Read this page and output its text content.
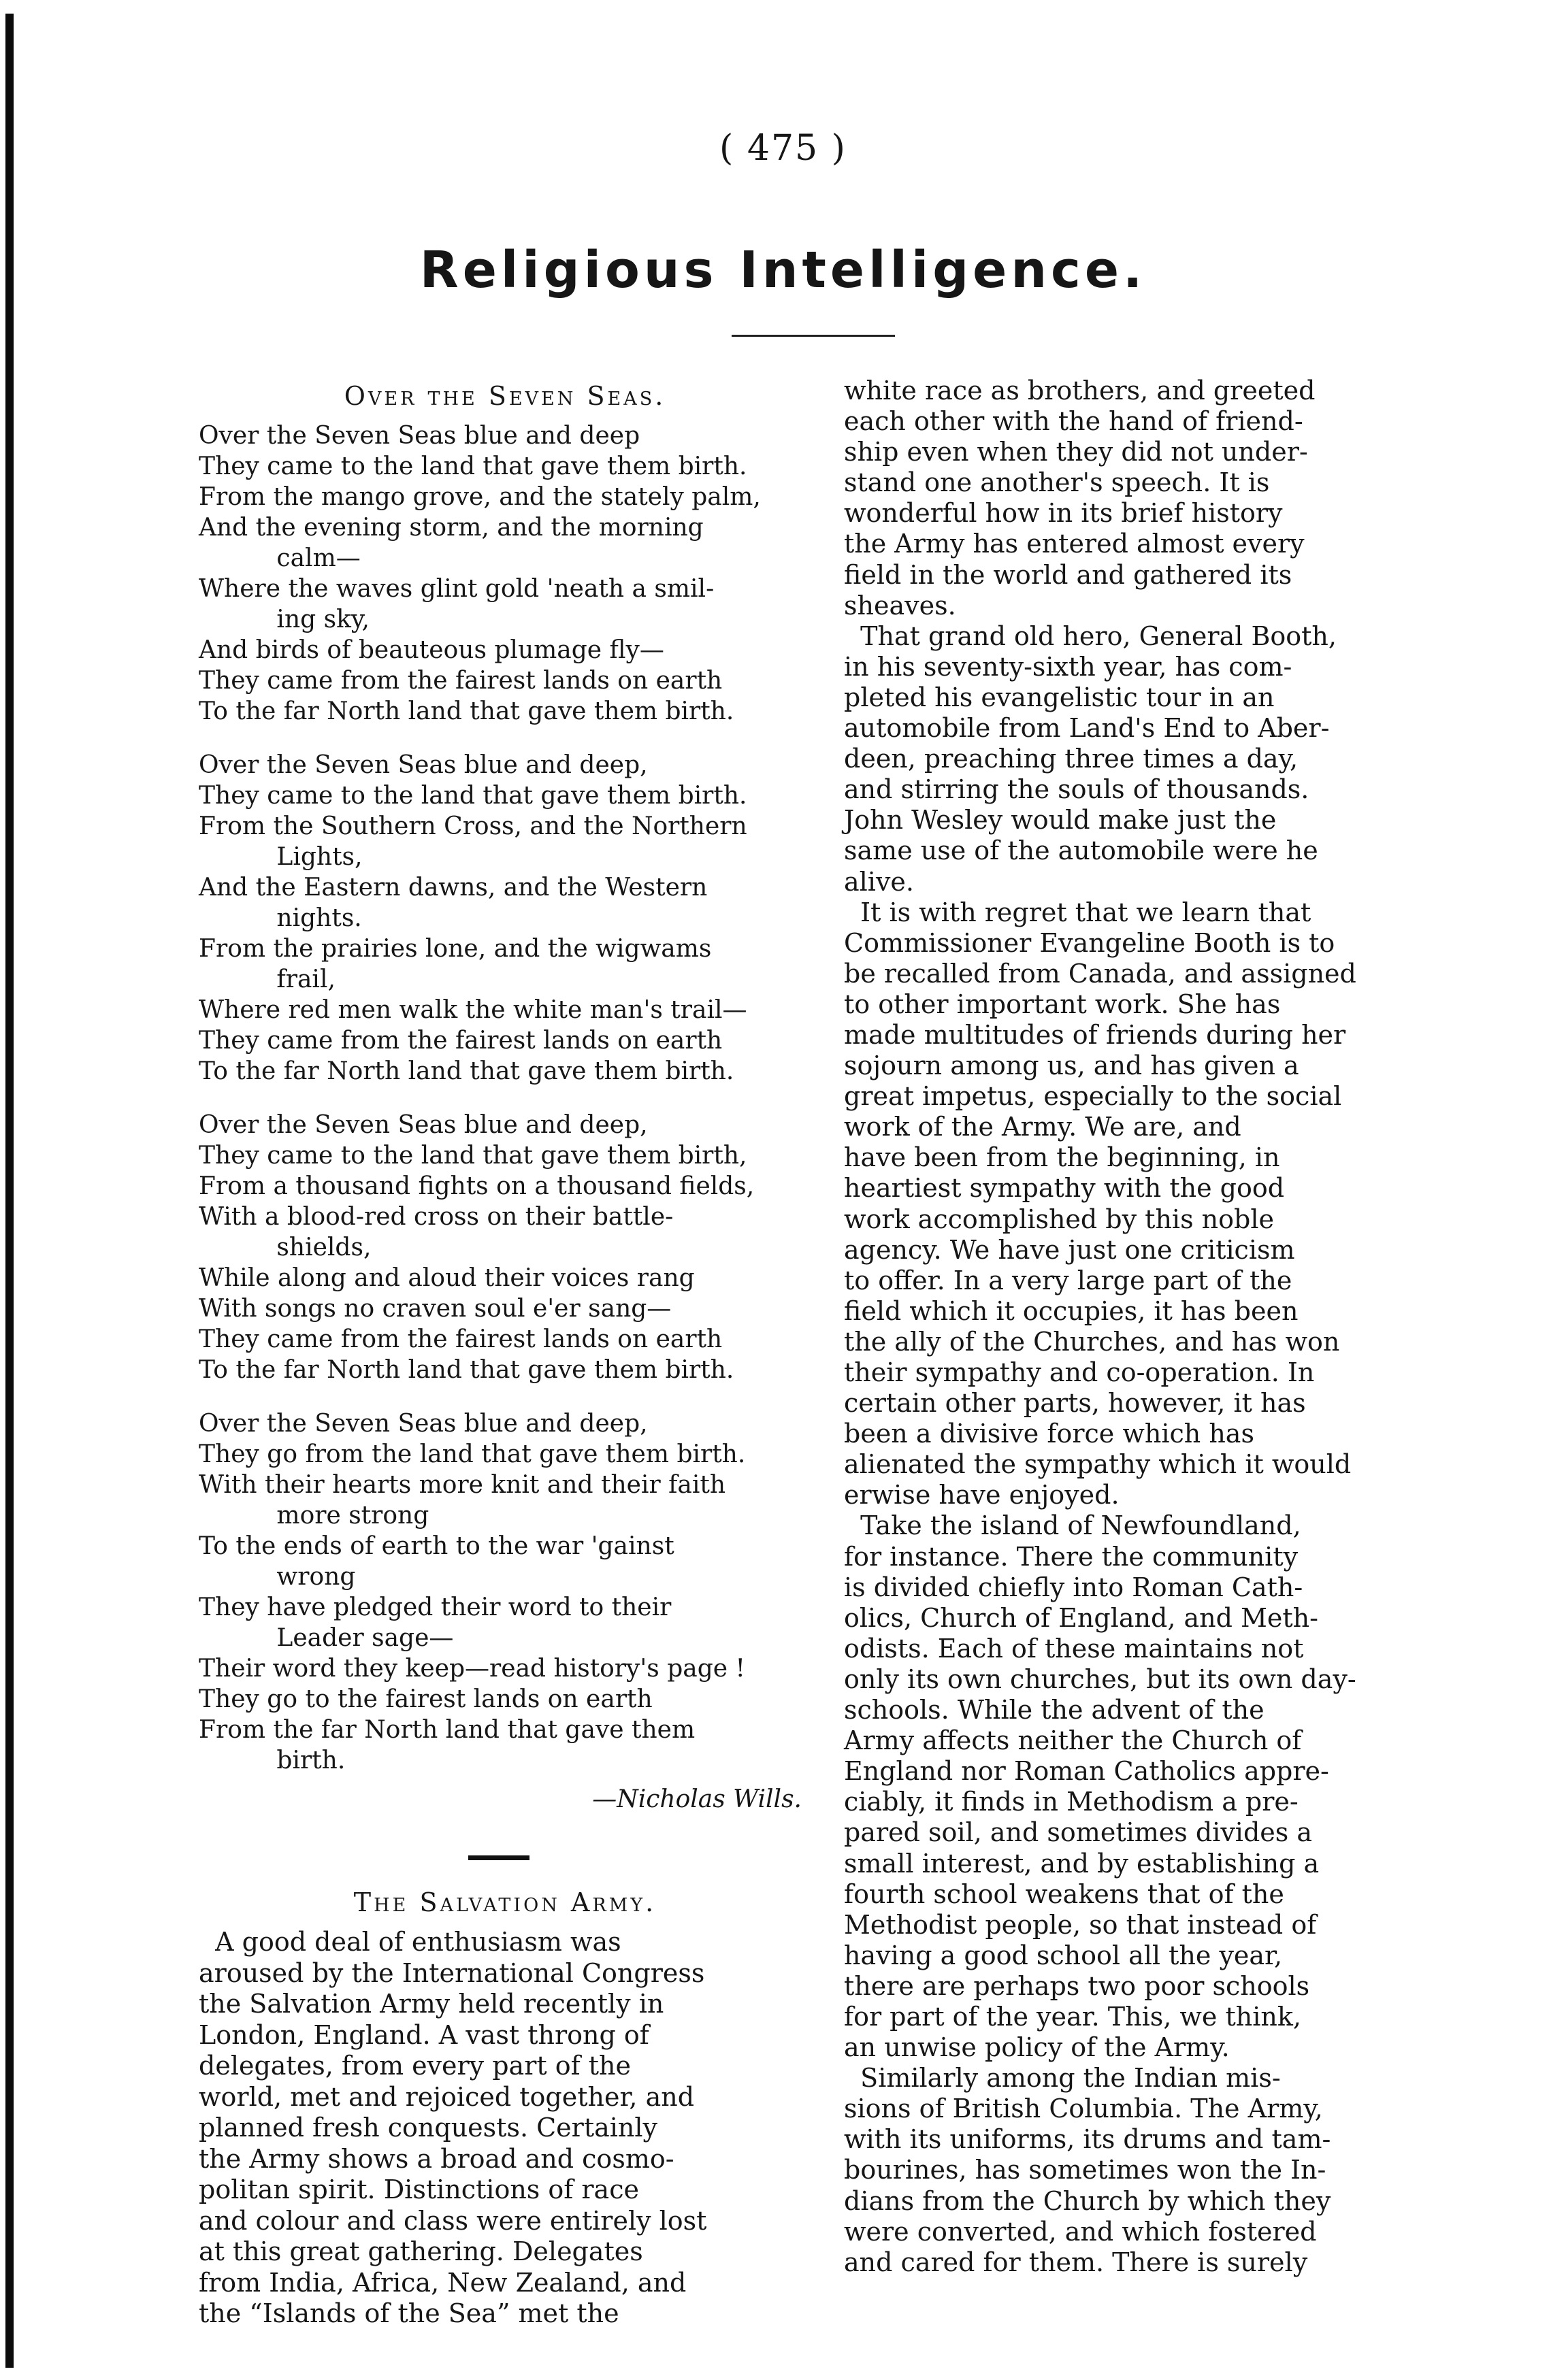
( 475 )
Religious Intelligence.
Over the Seven Seas.
Over the Seven Seas blue and deep
They came to the land that gave them birth.
From the mango grove, and the stately palm,
And the evening storm, and the morning
calm—
Where the waves glint gold 'neath a smil-
ing sky,
And birds of beauteous plumage fly—
They came from the fairest lands on earth
To the far North land that gave them birth.
Over the Seven Seas blue and deep,
They came to the land that gave them birth.
From the Southern Cross, and the Northern
Lights,
And the Eastern dawns, and the Western
nights.
From the prairies lone, and the wigwams
frail,
Where red men walk the white man's trail—
They came from the fairest lands on earth
To the far North land that gave them birth.
Over the Seven Seas blue and deep,
They came to the land that gave them birth,
From a thousand fights on a thousand fields,
With a blood-red cross on their battle-
shields,
While along and aloud their voices rang
With songs no craven soul e'er sang—
They came from the fairest lands on earth
To the far North land that gave them birth.
Over the Seven Seas blue and deep,
They go from the land that gave them birth.
With their hearts more knit and their faith
more strong
To the ends of earth to the war 'gainst
wrong
They have pledged their word to their
Leader sage—
Their word they keep—read history's page !
They go to the fairest lands on earth
From the far North land that gave them
birth.
—Nicholas Wills.
The Salvation Army.
A good deal of enthusiasm was
aroused by the International Congress
the Salvation Army held recently in
London, England. A vast throng of
delegates, from every part of the
world, met and rejoiced together, and
planned fresh conquests. Certainly
the Army shows a broad and cosmo-
politan spirit. Distinctions of race
and colour and class were entirely lost
at this great gathering. Delegates
from India, Africa, New Zealand, and
the “Islands of the Sea” met the
white race as brothers, and greeted
each other with the hand of friend-
ship even when they did not under-
stand one another's speech. It is
wonderful how in its brief history
the Army has entered almost every
field in the world and gathered its
sheaves.
That grand old hero, General Booth,
in his seventy-sixth year, has com-
pleted his evangelistic tour in an
automobile from Land's End to Aber-
deen, preaching three times a day,
and stirring the souls of thousands.
John Wesley would make just the
same use of the automobile were he
alive.
It is with regret that we learn that
Commissioner Evangeline Booth is to
be recalled from Canada, and assigned
to other important work. She has
made multitudes of friends during her
sojourn among us, and has given a
great impetus, especially to the social
work of the Army. We are, and
have been from the beginning, in
heartiest sympathy with the good
work accomplished by this noble
agency. We have just one criticism
to offer. In a very large part of the
field which it occupies, it has been
the ally of the Churches, and has won
their sympathy and co-operation. In
certain other parts, however, it has
been a divisive force which has
alienated the sympathy which it would
erwise have enjoyed.
Take the island of Newfoundland,
for instance. There the community
is divided chiefly into Roman Cath-
olics, Church of England, and Meth-
odists. Each of these maintains not
only its own churches, but its own day-
schools. While the advent of the
Army affects neither the Church of
England nor Roman Catholics appre-
ciably, it finds in Methodism a pre-
pared soil, and sometimes divides a
small interest, and by establishing a
fourth school weakens that of the
Methodist people, so that instead of
having a good school all the year,
there are perhaps two poor schools
for part of the year. This, we think,
an unwise policy of the Army.
Similarly among the Indian mis-
sions of British Columbia. The Army,
with its uniforms, its drums and tam-
bourines, has sometimes won the In-
dians from the Church by which they
were converted, and which fostered
and cared for them. There is surely
